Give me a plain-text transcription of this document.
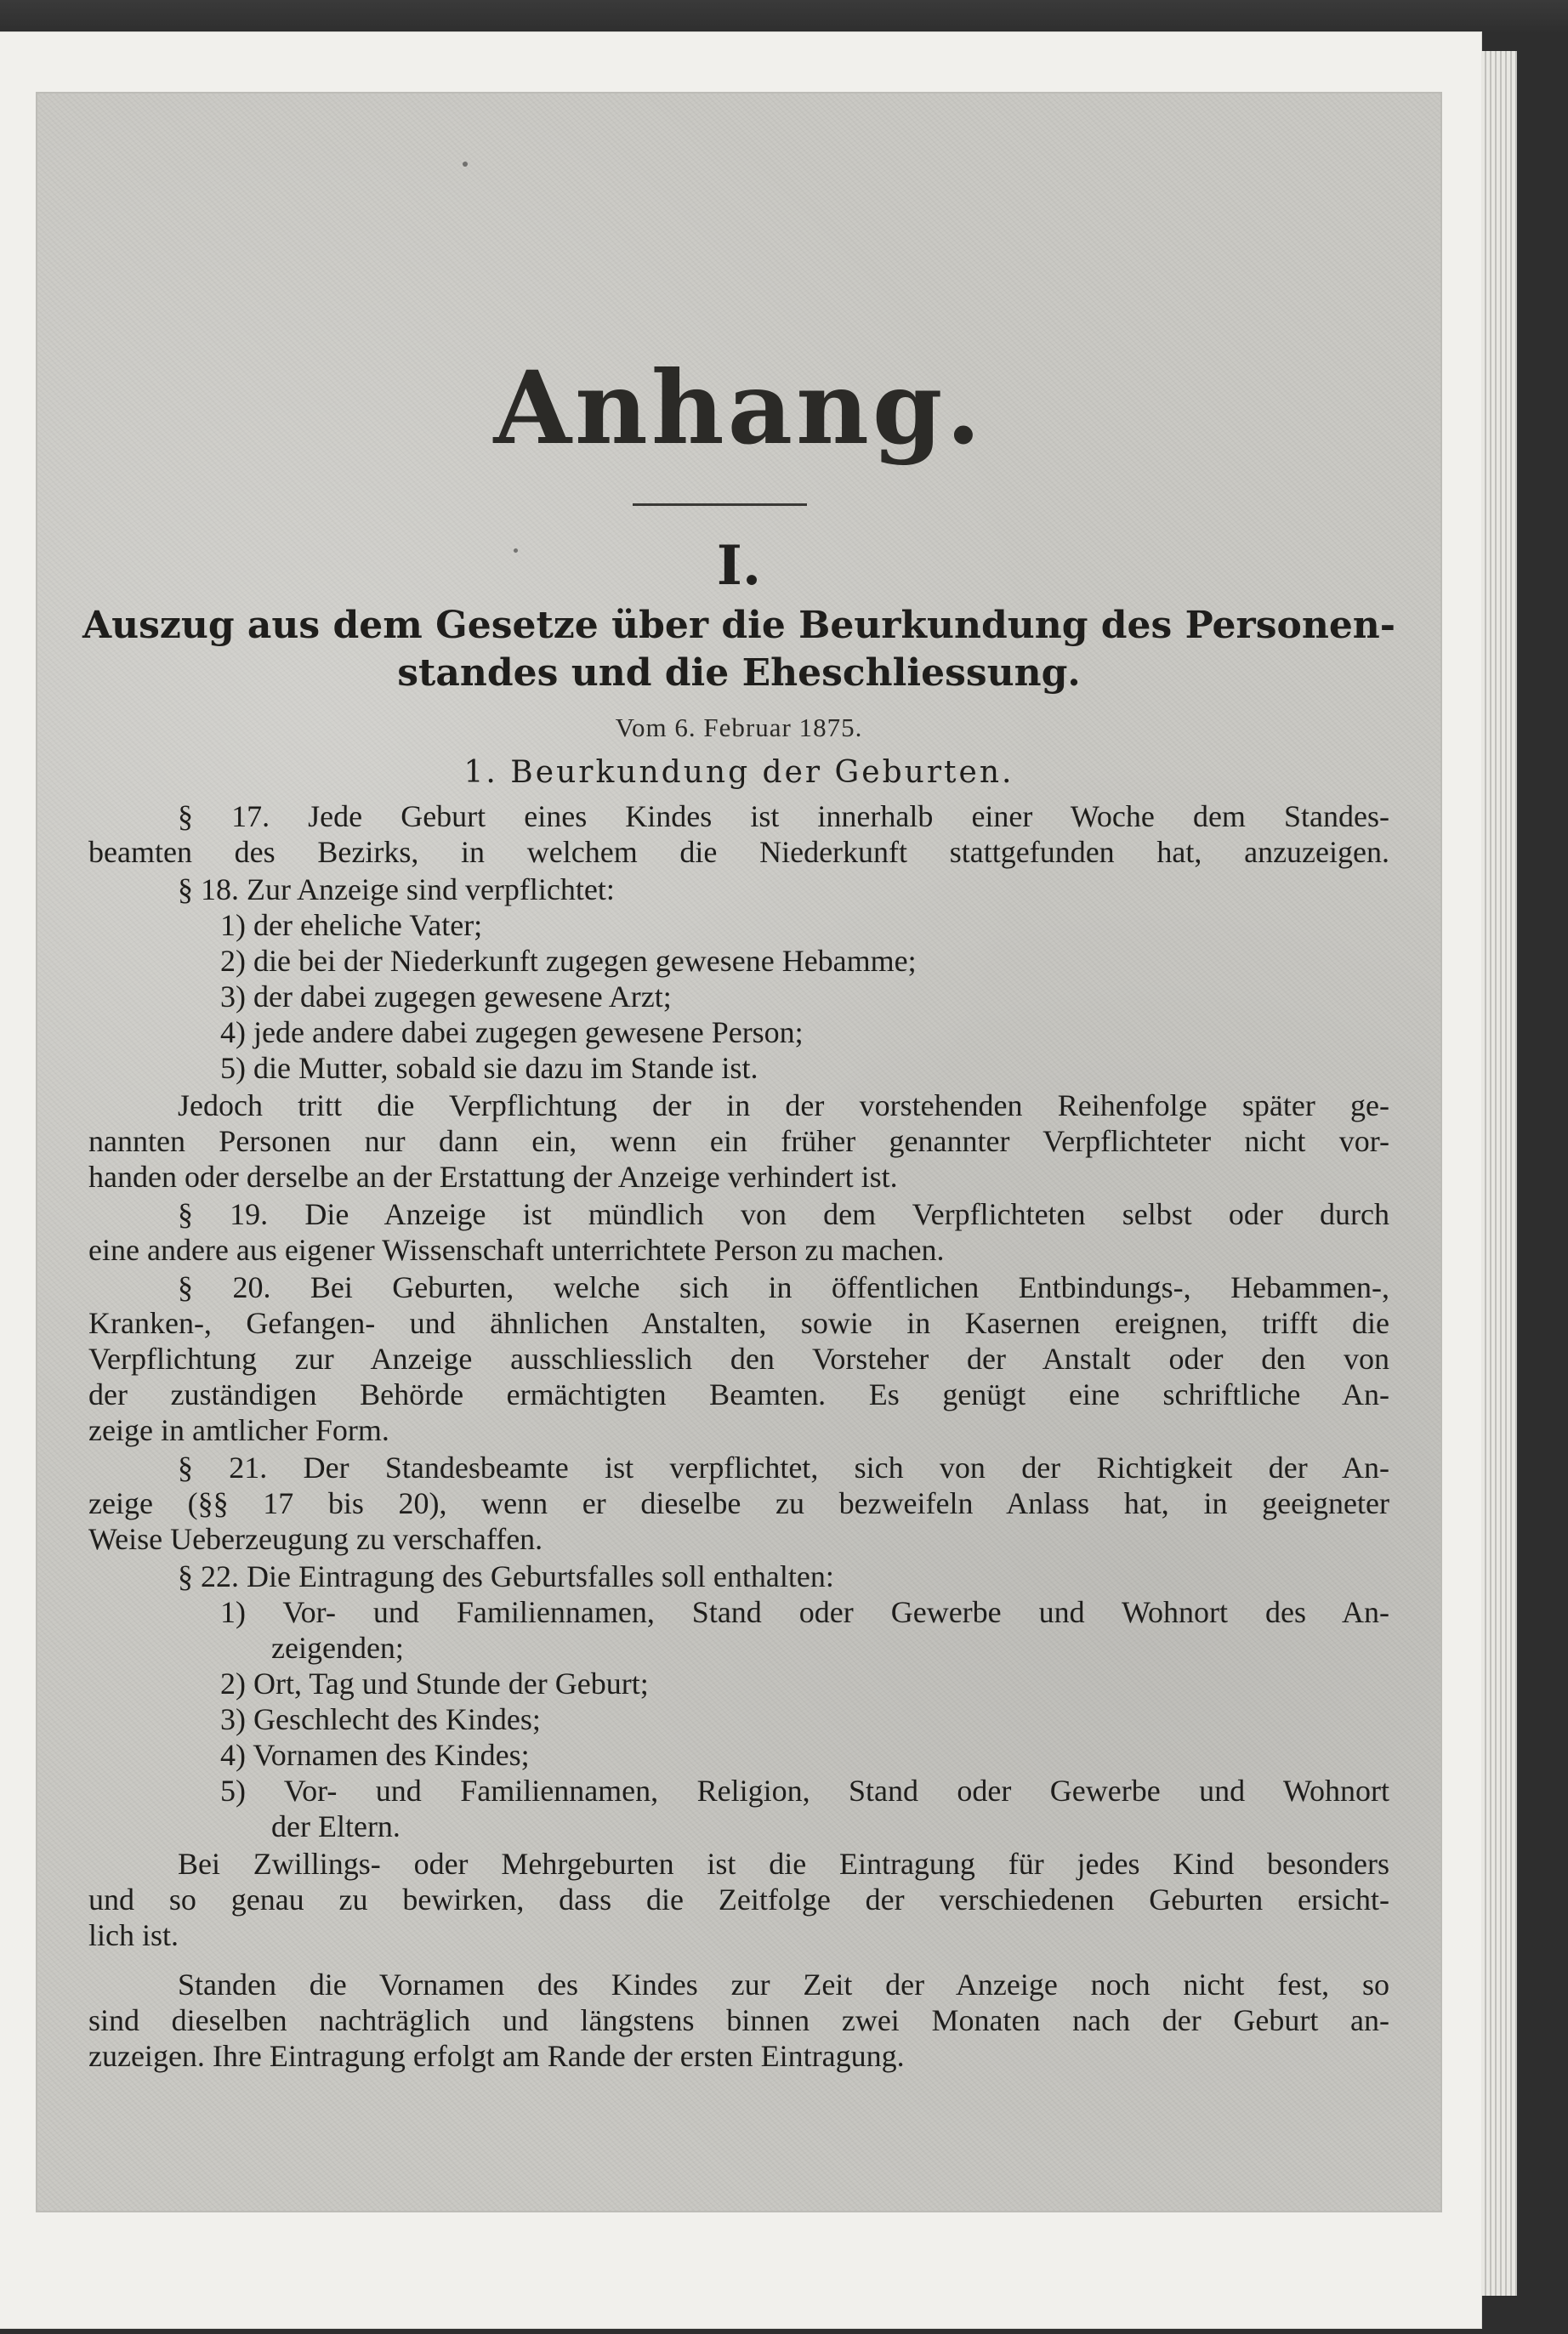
Anhang.
I.
Auszug aus dem Gesetze über die Beurkundung des Personen-
standes und die Eheschliessung.
Vom 6. Februar 1875.
1. Beurkundung der Geburten.
§ 17. Jede Geburt eines Kindes ist innerhalb einer Woche dem Standes-
beamten des Bezirks, in welchem die Niederkunft stattgefunden hat, anzuzeigen.
§ 18. Zur Anzeige sind verpflichtet:
1) der eheliche Vater;
2) die bei der Niederkunft zugegen gewesene Hebamme;
3) der dabei zugegen gewesene Arzt;
4) jede andere dabei zugegen gewesene Person;
5) die Mutter, sobald sie dazu im Stande ist.
Jedoch tritt die Verpflichtung der in der vorstehenden Reihenfolge später ge-
nannten Personen nur dann ein, wenn ein früher genannter Verpflichteter nicht vor-
handen oder derselbe an der Erstattung der Anzeige verhindert ist.
§ 19. Die Anzeige ist mündlich von dem Verpflichteten selbst oder durch
eine andere aus eigener Wissenschaft unterrichtete Person zu machen.
§ 20. Bei Geburten, welche sich in öffentlichen Entbindungs-, Hebammen-,
Kranken-, Gefangen- und ähnlichen Anstalten, sowie in Kasernen ereignen, trifft die
Verpflichtung zur Anzeige ausschliesslich den Vorsteher der Anstalt oder den von
der zuständigen Behörde ermächtigten Beamten. Es genügt eine schriftliche An-
zeige in amtlicher Form.
§ 21. Der Standesbeamte ist verpflichtet, sich von der Richtigkeit der An-
zeige (§§ 17 bis 20), wenn er dieselbe zu bezweifeln Anlass hat, in geeigneter
Weise Ueberzeugung zu verschaffen.
§ 22. Die Eintragung des Geburtsfalles soll enthalten:
1) Vor- und Familiennamen, Stand oder Gewerbe und Wohnort des An-
zeigenden;
2) Ort, Tag und Stunde der Geburt;
3) Geschlecht des Kindes;
4) Vornamen des Kindes;
5) Vor- und Familiennamen, Religion, Stand oder Gewerbe und Wohnort
der Eltern.
Bei Zwillings- oder Mehrgeburten ist die Eintragung für jedes Kind besonders
und so genau zu bewirken, dass die Zeitfolge der verschiedenen Geburten ersicht-
lich ist.
Standen die Vornamen des Kindes zur Zeit der Anzeige noch nicht fest, so
sind dieselben nachträglich und längstens binnen zwei Monaten nach der Geburt an-
zuzeigen. Ihre Eintragung erfolgt am Rande der ersten Eintragung.
